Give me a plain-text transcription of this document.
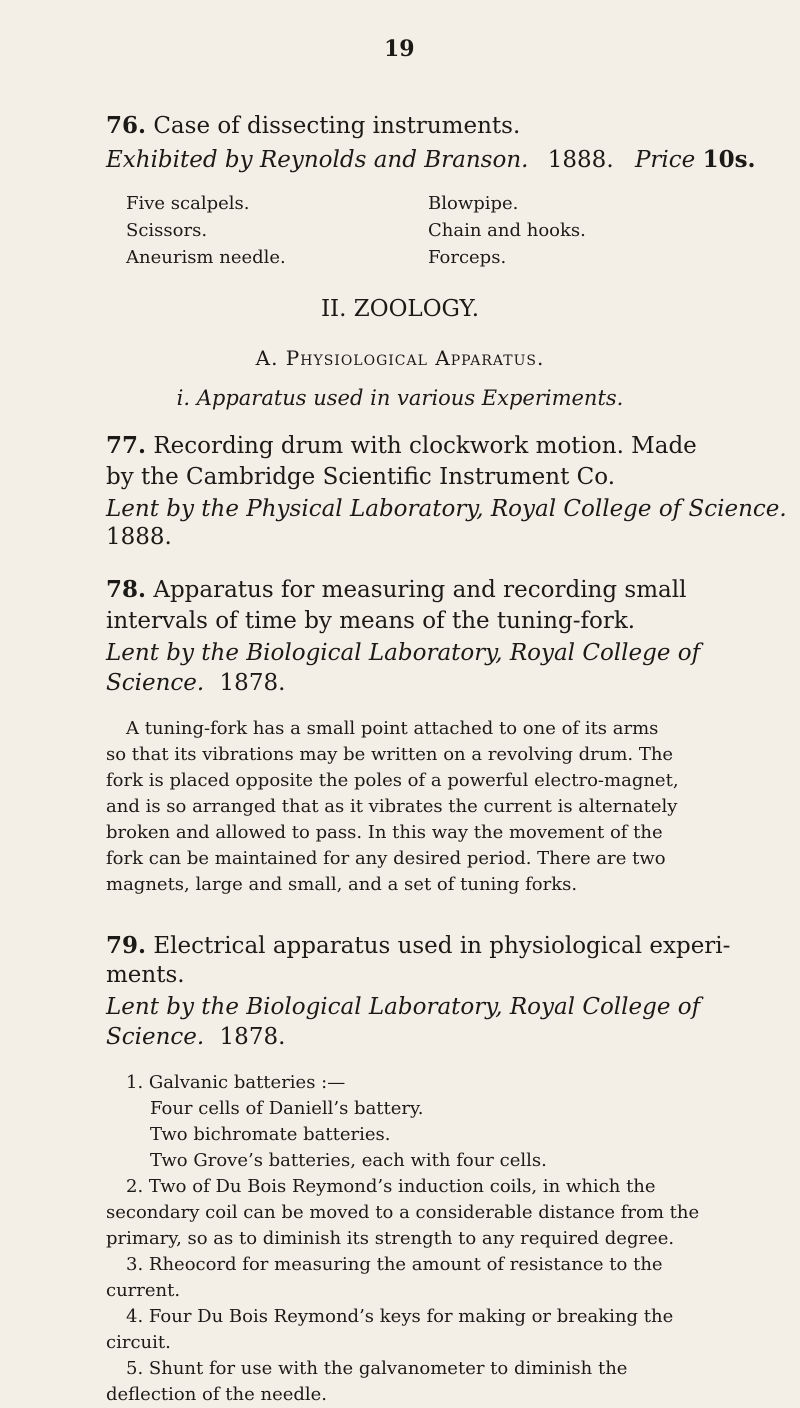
19
76. Case of dissecting instruments.
Exhibited by Reynolds and Branson. 1888. Price 10s.
Five scalpels.
Scissors.
Aneurism needle.
Blowpipe.
Chain and hooks.
Forceps.
II. ZOOLOGY.
A. Physiological Apparatus.
i. Apparatus used in various Experiments.
77. Recording drum with clockwork motion. Made
by the Cambridge Scientific Instrument Co.
Lent by the Physical Laboratory, Royal College of Science.
1888.
78. Apparatus for measuring and recording small
intervals of time by means of the tuning-fork.
Lent by the Biological Laboratory, Royal College of
Science. 1878.
A tuning-fork has a small point attached to one of its arms
so that its vibrations may be written on a revolving drum. The
fork is placed opposite the poles of a powerful electro-magnet,
and is so arranged that as it vibrates the current is alternately
broken and allowed to pass. In this way the movement of the
fork can be maintained for any desired period. There are two
magnets, large and small, and a set of tuning forks.
79. Electrical apparatus used in physiological experi-
ments.
Lent by the Biological Laboratory, Royal College of
Science. 1878.
1. Galvanic batteries :—
Four cells of Daniell’s battery.
Two bichromate batteries.
Two Grove’s batteries, each with four cells.
2. Two of Du Bois Reymond’s induction coils, in which the
secondary coil can be moved to a considerable distance from the
primary, so as to diminish its strength to any required degree.
3. Rheocord for measuring the amount of resistance to the
current.
4. Four Du Bois Reymond’s keys for making or breaking the
circuit.
5. Shunt for use with the galvanometer to diminish the
deflection of the needle.
